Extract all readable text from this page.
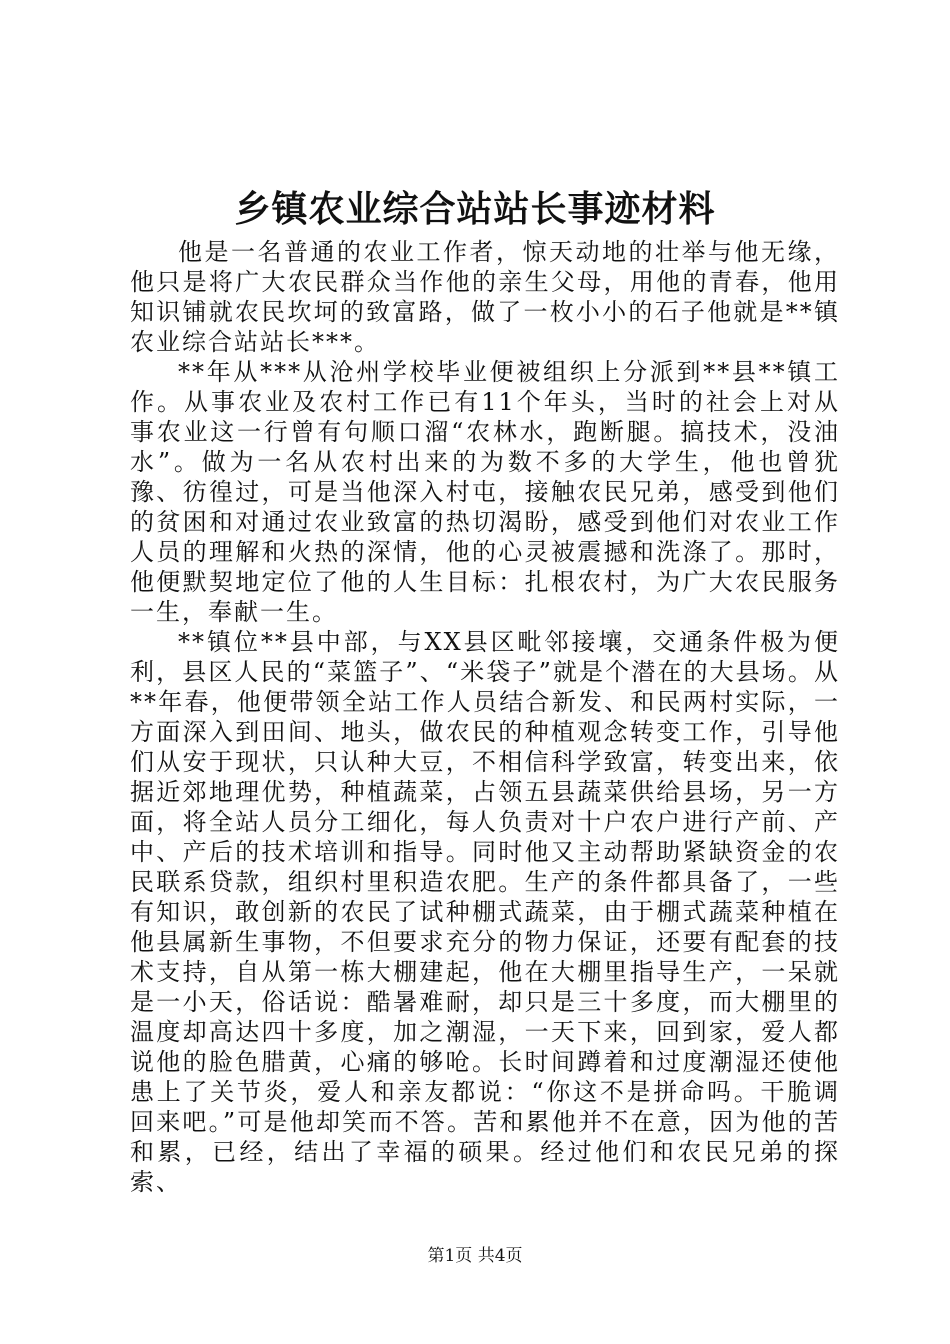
乡镇农业综合站站长事迹材料

他是一名普通的农业工作者，惊天动地的壮举与他无缘，他只是将广大农民群众当作他的亲生父母，用他的青春，他用知识铺就农民坎坷的致富路，做了一枚小小的石子他就是**镇农业综合站站长***。

**年从***从沧州学校毕业便被组织上分派到**县**镇工作。从事农业及农村工作已有11个年头，当时的社会上对从事农业这一行曾有句顺口溜“农林水，跑断腿。搞技术，没油水”。做为一名从农村出来的为数不多的大学生，他也曾犹豫、彷徨过，可是当他深入村屯，接触农民兄弟，感受到他们的贫困和对通过农业致富的热切渴盼，感受到他们对农业工作人员的理解和火热的深情，他的心灵被震撼和洗涤了。那时，他便默契地定位了他的人生目标：扎根农村，为广大农民服务一生，奉献一生。

**镇位**县中部，与XX县区毗邻接壤，交通条件极为便利，县区人民的“菜篮子”、“米袋子”就是个潜在的大县场。从**年春，他便带领全站工作人员结合新发、和民两村实际，一方面深入到田间、地头，做农民的种植观念转变工作，引导他们从安于现状，只认种大豆，不相信科学致富，转变出来，依据近郊地理优势，种植蔬菜，占领五县蔬菜供给县场，另一方面，将全站人员分工细化，每人负责对十户农户进行产前、产中、产后的技术培训和指导。同时他又主动帮助紧缺资金的农民联系贷款，组织村里积造农肥。生产的条件都具备了，一些有知识，敢创新的农民了试种棚式蔬菜，由于棚式蔬菜种植在他县属新生事物，不但要求充分的物力保证，还要有配套的技术支持，自从第一栋大棚建起，他在大棚里指导生产，一呆就是一小天，俗话说：酷暑难耐，却只是三十多度，而大棚里的温度却高达四十多度，加之潮湿，一天下来，回到家，爱人都说他的脸色腊黄，心痛的够呛。长时间蹲着和过度潮湿还使他患上了关节炎，爱人和亲友都说：“你这不是拼命吗。干脆调回来吧。”可是他却笑而不答。苦和累他并不在意，因为他的苦和累，已经，结出了幸福的硕果。经过他们和农民兄弟的探索、

第1页 共4页
